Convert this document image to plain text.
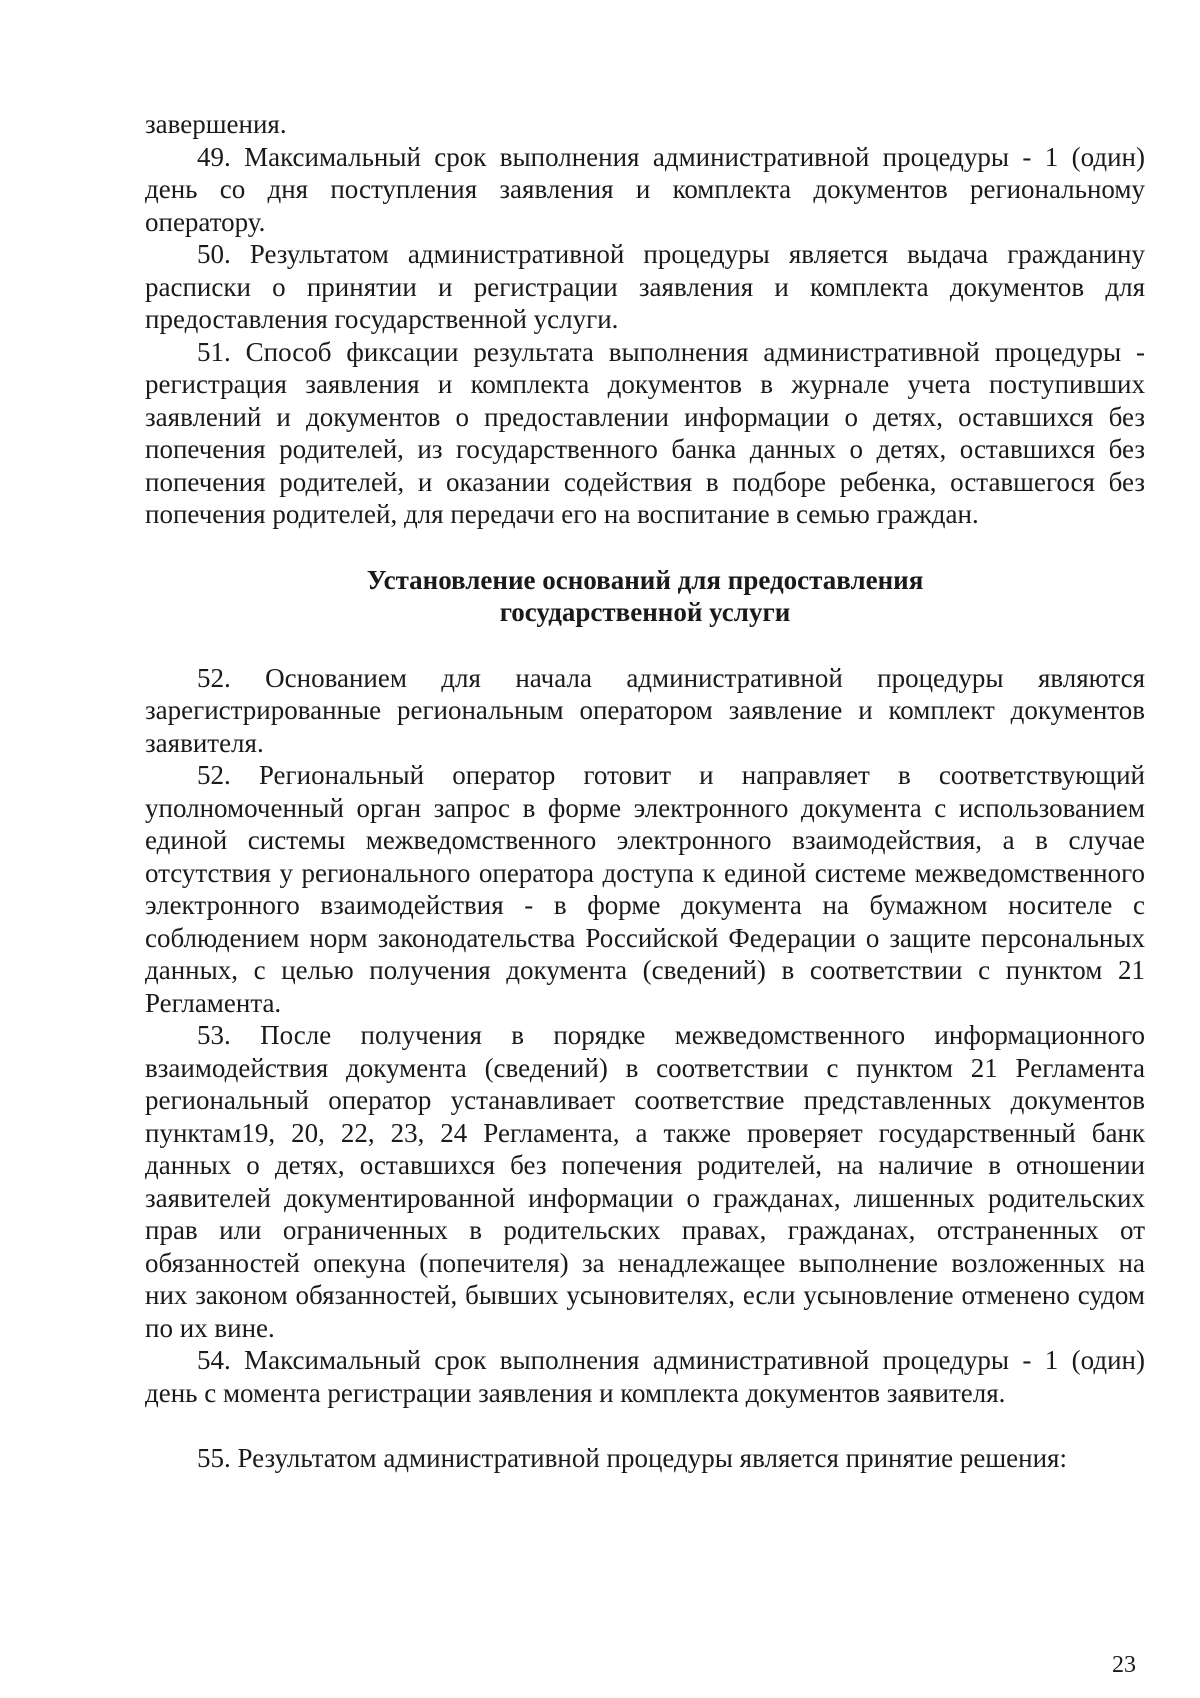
завершения.

49. Максимальный срок выполнения административной процедуры - 1 (один) день со дня поступления заявления и комплекта документов региональному оператору.

50. Результатом административной процедуры является выдача гражданину расписки о принятии и регистрации заявления и комплекта документов для предоставления государственной услуги.

51. Способ фиксации результата выполнения административной процедуры - регистрация заявления и комплекта документов в журнале учета поступивших заявлений и документов о предоставлении информации о детях, оставшихся без попечения родителей, из государственного банка данных о детях, оставшихся без попечения родителей, и оказании содействия в подборе ребенка, оставшегося без попечения родителей, для передачи его на воспитание в семью граждан.

Установление оснований для предоставления

государственной услуги

52. Основанием для начала административной процедуры являются зарегистрированные региональным оператором заявление и комплект документов заявителя.

52. Региональный оператор готовит и направляет в соответствующий уполномоченный орган запрос в форме электронного документа с использованием единой системы межведомственного электронного взаимодействия, а в случае отсутствия у регионального оператора доступа к единой системе межведомственного электронного взаимодействия - в форме документа на бумажном носителе с соблюдением норм законодательства Российской Федерации о защите персональных данных, с целью получения документа (сведений) в соответствии с пунктом 21 Регламента.

53. После получения в порядке межведомственного информационного взаимодействия документа (сведений) в соответствии с пунктом 21 Регламента региональный оператор устанавливает соответствие представленных документов пунктам19, 20, 22, 23, 24 Регламента, а также проверяет государственный банк данных о детях, оставшихся без попечения родителей, на наличие в отношении заявителей документированной информации о гражданах, лишенных родительских прав или ограниченных в родительских правах, гражданах, отстраненных от обязанностей опекуна (попечителя) за ненадлежащее выполнение возложенных на них законом обязанностей, бывших усыновителях, если усыновление отменено судом по их вине.

54. Максимальный срок выполнения административной процедуры - 1 (один) день с момента регистрации заявления и комплекта документов заявителя.

55. Результатом административной процедуры является принятие решения:

23
